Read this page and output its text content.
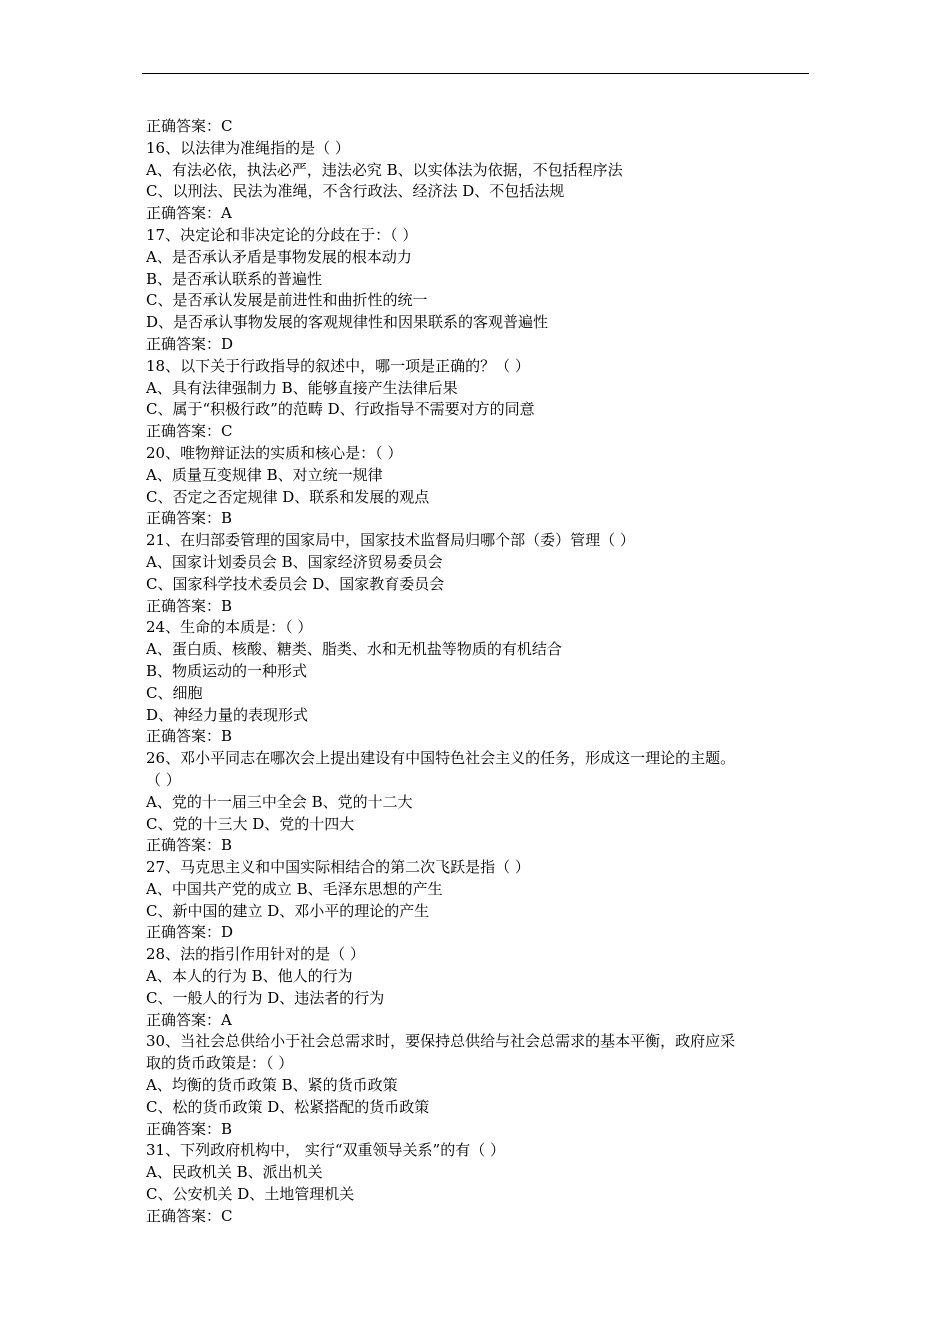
正确答案：C
16、以法律为准绳指的是（ ）
A、有法必依，执法必严，违法必究 B、以实体法为依据，不包括程序法
C、以刑法、民法为准绳，不含行政法、经济法 D、不包括法规
正确答案：A
17、决定论和非决定论的分歧在于：（ ）
A、是否承认矛盾是事物发展的根本动力
B、是否承认联系的普遍性
C、是否承认发展是前进性和曲折性的统一
D、是否承认事物发展的客观规律性和因果联系的客观普遍性
正确答案：D
18、以下关于行政指导的叙述中，哪一项是正确的？（ ）
A、具有法律强制力 B、能够直接产生法律后果
C、属于“积极行政”的范畴 D、行政指导不需要对方的同意
正确答案：C
20、唯物辩证法的实质和核心是：（ ）
A、质量互变规律 B、对立统一规律
C、否定之否定规律 D、联系和发展的观点
正确答案：B
21、在归部委管理的国家局中，国家技术监督局归哪个部（委）管理（ ）
A、国家计划委员会 B、国家经济贸易委员会
C、国家科学技术委员会 D、国家教育委员会
正确答案：B
24、生命的本质是：（ ）
A、蛋白质、核酸、糖类、脂类、水和无机盐等物质的有机结合
B、物质运动的一种形式
C、细胞
D、神经力量的表现形式
正确答案：B
26、邓小平同志在哪次会上提出建设有中国特色社会主义的任务，形成这一理论的主题。
（ ）
A、党的十一届三中全会 B、党的十二大
C、党的十三大 D、党的十四大
正确答案：B
27、马克思主义和中国实际相结合的第二次飞跃是指（ ）
A、中国共产党的成立 B、毛泽东思想的产生
C、新中国的建立 D、邓小平的理论的产生
正确答案：D
28、法的指引作用针对的是（ ）
A、本人的行为 B、他人的行为
C、一般人的行为 D、违法者的行为
正确答案：A
30、当社会总供给小于社会总需求时，要保持总供给与社会总需求的基本平衡，政府应采
取的货币政策是：（ ）
A、均衡的货币政策 B、紧的货币政策
C、松的货币政策 D、松紧搭配的货币政策
正确答案：B
31、下列政府机构中， 实行“双重领导关系”的有（ ）
A、民政机关 B、派出机关
C、公安机关 D、土地管理机关
正确答案：C
